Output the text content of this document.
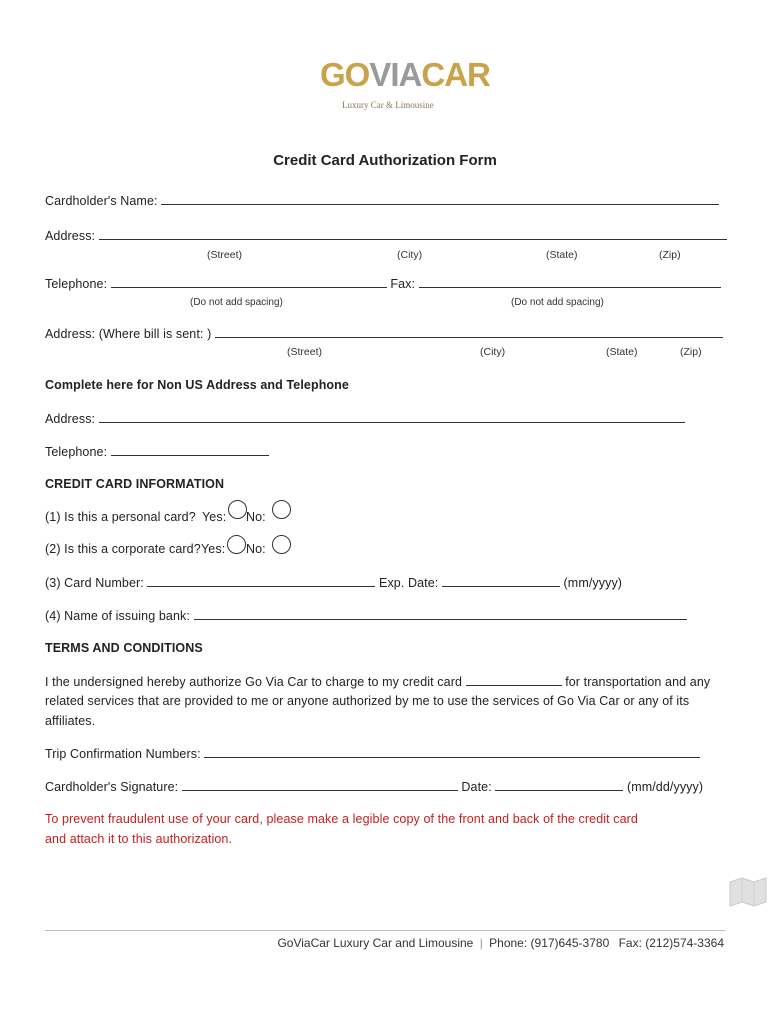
GOVIACAR
Luxury Car & Limousine
Credit Card Authorization Form
Cardholder's Name:
Address:
(Street)	(City)	(State)	(Zip)
Telephone:	Fax:
(Do not add spacing)	(Do not add spacing)
Address: (Where bill is sent: )
(Street)	(City)	(State)	(Zip)
Complete here for Non US Address and Telephone
Address:
Telephone:
CREDIT CARD INFORMATION
(1) Is this a personal card? Yes: No:
(2) Is this a corporate card? Yes: No:
(3) Card Number:	Exp. Date:	(mm/yyyy)
(4) Name of issuing bank:
TERMS AND CONDITIONS
I the undersigned hereby authorize Go Via Car to charge to my credit card	for transportation and any
related services that are provided to me or anyone authorized by me to use the services of Go Via Car or any of its
affiliates.
Trip Confirmation Numbers:
Cardholder's Signature:	Date:	(mm/dd/yyyy)
To prevent fraudulent use of your card, please make a legible copy of the front and back of the credit card
and attach it to this authorization.
GoViaCar Luxury Car and Limousine | Phone: (917)645-3780 Fax: (212)574-3364
